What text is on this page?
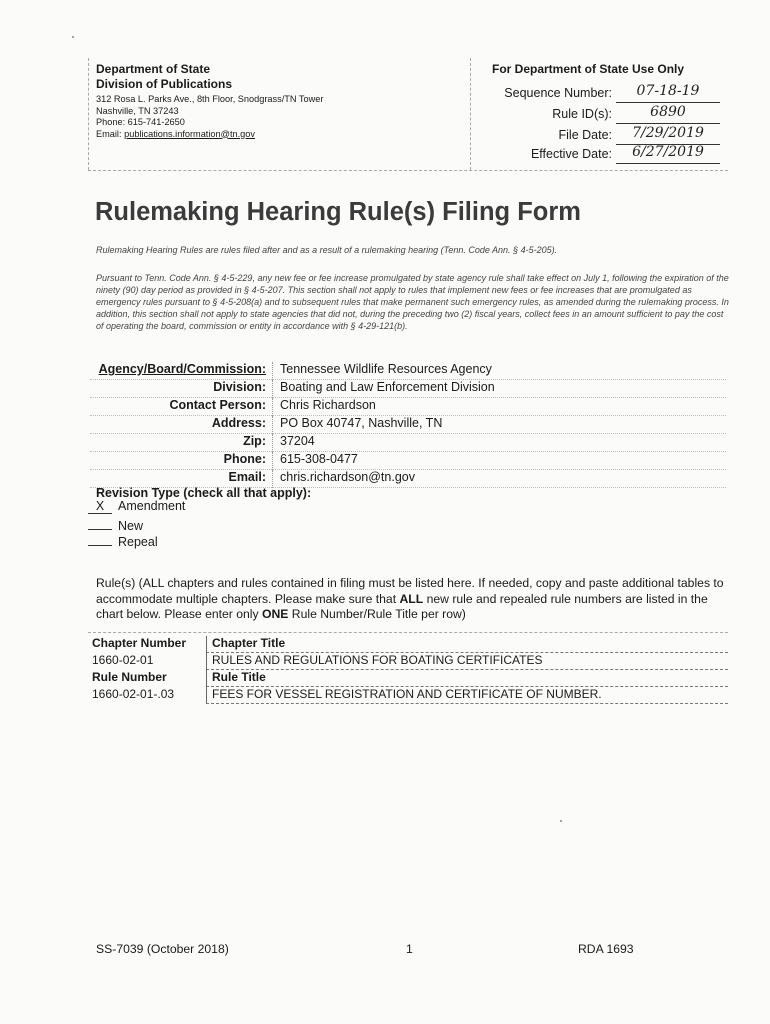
Department of State
Division of Publications
312 Rosa L. Parks Ave., 8th Floor, Snodgrass/TN Tower
Nashville, TN 37243
Phone: 615-741-2650
Email: publications.information@tn.gov
For Department of State Use Only
Sequence Number:	07-18-19
Rule ID(s):	6890
File Date:	7/29/2019
Effective Date:	6/27/2019
Rulemaking Hearing Rule(s) Filing Form
Rulemaking Hearing Rules are rules filed after and as a result of a rulemaking hearing (Tenn. Code Ann. § 4-5-205).
Pursuant to Tenn. Code Ann. § 4-5-229, any new fee or fee increase promulgated by state agency rule shall take effect on July 1, following the expiration of the ninety (90) day period as provided in § 4-5-207. This section shall not apply to rules that implement new fees or fee increases that are promulgated as emergency rules pursuant to § 4-5-208(a) and to subsequent rules that make permanent such emergency rules, as amended during the rulemaking process. In addition, this section shall not apply to state agencies that did not, during the preceding two (2) fiscal years, collect fees in an amount sufficient to pay the cost of operating the board, commission or entity in accordance with § 4-29-121(b).
Agency/Board/Commission: Tennessee Wildlife Resources Agency
Division: Boating and Law Enforcement Division
Contact Person: Chris Richardson
Address: PO Box 40747, Nashville, TN
Zip: 37204
Phone: 615-308-0477
Email: chris.richardson@tn.gov
Revision Type (check all that apply):
X Amendment
New
Repeal
Rule(s) (ALL chapters and rules contained in filing must be listed here. If needed, copy and paste additional tables to accommodate multiple chapters. Please make sure that ALL new rule and repealed rule numbers are listed in the chart below. Please enter only ONE Rule Number/Rule Title per row)
Chapter Number Chapter Title
1660-02-01	RULES AND REGULATIONS FOR BOATING CERTIFICATES
Rule Number	Rule Title
1660-02-01-.03	FEES FOR VESSEL REGISTRATION AND CERTIFICATE OF NUMBER.
SS-7039 (October 2018)	1	RDA 1693
